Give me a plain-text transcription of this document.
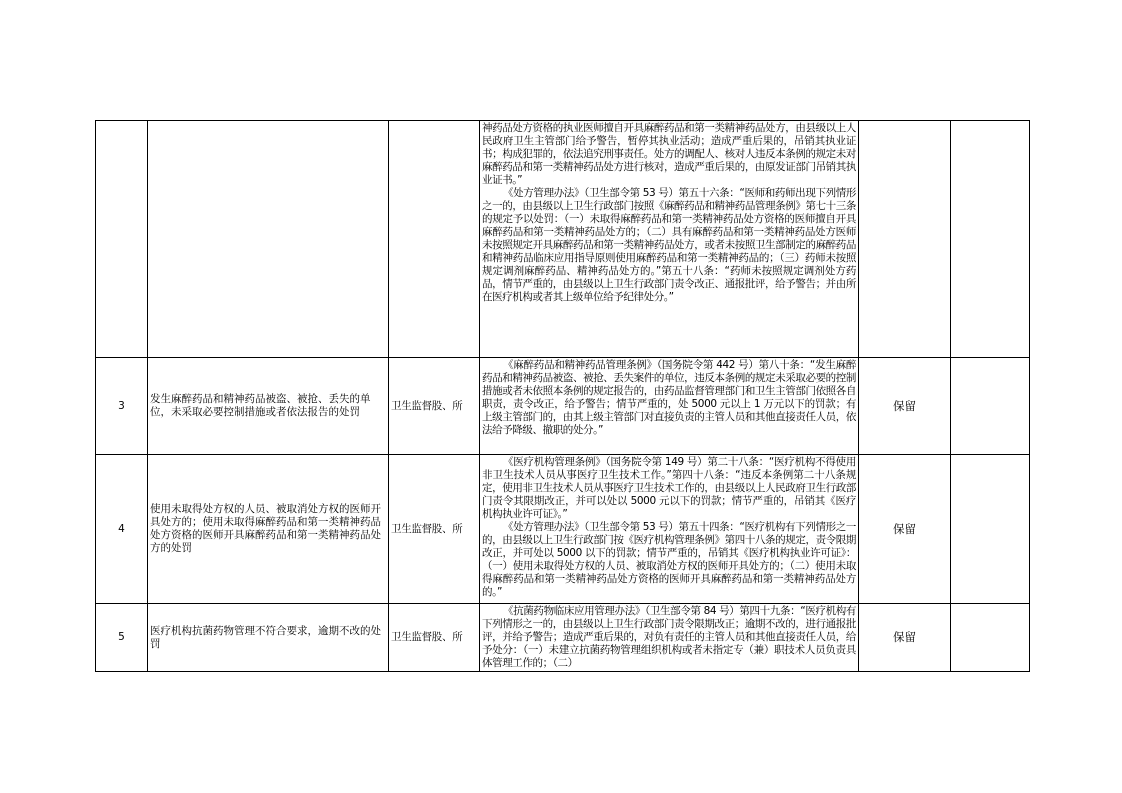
			神药品处方资格的执业医师擅自开具麻醉药品和第一类精神药品处方，由县级以上人民政府卫生主管部门给予警告，暂停其执业活动；造成严重后果的，吊销其执业证书；构成犯罪的，依法追究刑事责任。处方的调配人、核对人违反本条例的规定未对麻醉药品和第一类精神药品处方进行核对，造成严重后果的，由原发证部门吊销其执业证书。”

《处方管理办法》（卫生部令第 53 号）第五十六条：“医师和药师出现下列情形之一的，由县级以上卫生行政部门按照《麻醉药品和精神药品管理条例》第七十三条的规定予以处罚：（一）未取得麻醉药品和第一类精神药品处方资格的医师擅自开具麻醉药品和第一类精神药品处方的；（二）具有麻醉药品和第一类精神药品处方医师未按照规定开具麻醉药品和第一类精神药品处方，或者未按照卫生部制定的麻醉药品和精神药品临床应用指导原则使用麻醉药品和第一类精神药品的；（三）药师未按照规定调剂麻醉药品、精神药品处方的。”第五十八条：“药师未按照规定调剂处方药品，情节严重的，由县级以上卫生行政部门责令改正、通报批评，给予警告；并由所在医疗机构或者其上级单位给予纪律处分。”		

3	发生麻醉药品和精神药品被盗、被抢、丢失的单位，未采取必要控制措施或者依法报告的处罚	卫生监督股、所	《麻醉药品和精神药品管理条例》（国务院令第 442 号）第八十条：“发生麻醉药品和精神药品被盗、被抢、丢失案件的单位，违反本条例的规定未采取必要的控制措施或者未依照本条例的规定报告的，由药品监督管理部门和卫生主管部门依照各自职责，责令改正，给予警告；情节严重的，处 5000 元以上 1 万元以下的罚款；有上级主管部门的，由其上级主管部门对直接负责的主管人员和其他直接责任人员，依法给予降级、撤职的处分。”	保留	
4	使用未取得处方权的人员、被取消处方权的医师开具处方的；使用未取得麻醉药品和第一类精神药品处方资格的医师开具麻醉药品和第一类精神药品处方的处罚	卫生监督股、所	《医疗机构管理条例》（国务院令第 149 号）第二十八条：“医疗机构不得使用非卫生技术人员从事医疗卫生技术工作。”第四十八条：“违反本条例第二十八条规定，使用非卫生技术人员从事医疗卫生技术工作的，由县级以上人民政府卫生行政部门责令其限期改正，并可以处以 5000 元以下的罚款；情节严重的，吊销其《医疗机构执业许可证》。”

《处方管理办法》（卫生部令第 53 号）第五十四条：“医疗机构有下列情形之一的，由县级以上卫生行政部门按《医疗机构管理条例》第四十八条的规定，责令限期改正，并可处以 5000 以下的罚款；情节严重的，吊销其《医疗机构执业许可证》：（一）使用未取得处方权的人员、被取消处方权的医师开具处方的；（二）使用未取得麻醉药品和第一类精神药品处方资格的医师开具麻醉药品和第一类精神药品处方的。”	保留	
5	医疗机构抗菌药物管理不符合要求，逾期不改的处罚	卫生监督股、所	《抗菌药物临床应用管理办法》（卫生部令第 84 号）第四十九条：“医疗机构有下列情形之一的，由县级以上卫生行政部门责令限期改正；逾期不改的，进行通报批评，并给予警告；造成严重后果的，对负有责任的主管人员和其他直接责任人员，给予处分：（一）未建立抗菌药物管理组织机构或者未指定专（兼）职技术人员负责具体管理工作的；（二）	保留	
